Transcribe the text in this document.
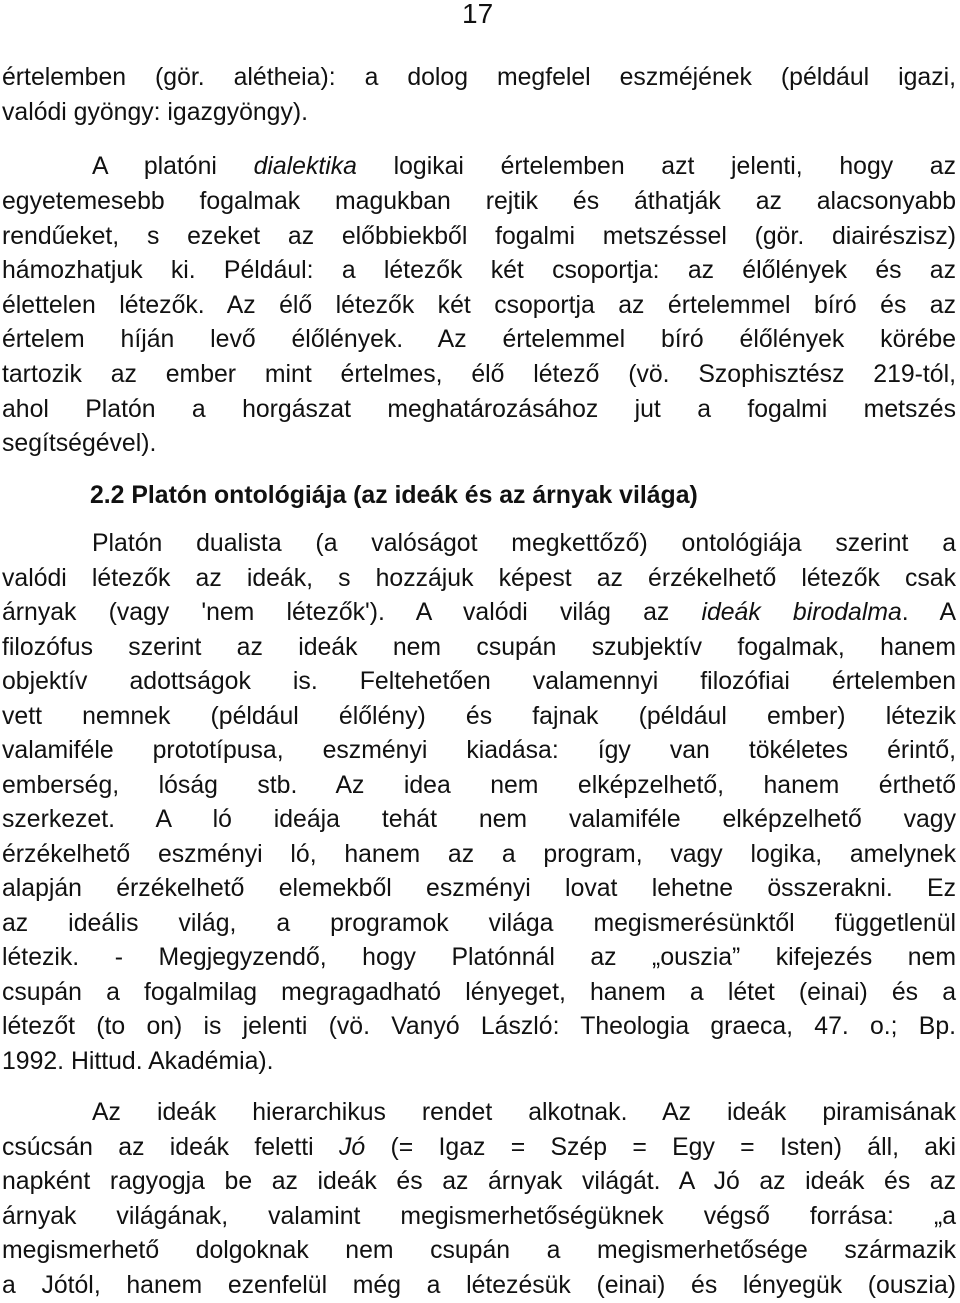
17
2.2 Platón ontológiája (az ideák és az árnyak világa)
értelemben (gör. alétheia): a dolog megfelel eszméjének (például igazi,
valódi gyöngy: igazgyöngy).
A platóni dialektika logikai értelemben azt jelenti, hogy az
egyetemesebb fogalmak magukban rejtik és áthatják az alacsonyabb
rendűeket, s ezeket az előbbiekből fogalmi metszéssel (gör. diairészisz)
hámozhatjuk ki. Például: a létezők két csoportja: az élőlények és az
élettelen létezők. Az élő létezők két csoportja az értelemmel bíró és az
értelem híján levő élőlények. Az értelemmel bíró élőlények körébe
tartozik az ember mint értelmes, élő létező (vö. Szophisztész 219-tól,
ahol Platón a horgászat meghatározásához jut a fogalmi metszés
segítségével).
Platón dualista (a valóságot megkettőző) ontológiája szerint a
valódi létezők az ideák, s hozzájuk képest az érzékelhető létezők csak
árnyak (vagy 'nem létezők'). A valódi világ az ideák birodalma. A
filozófus szerint az ideák nem csupán szubjektív fogalmak, hanem
objektív adottságok is. Feltehetően valamennyi filozófiai értelemben
vett nemnek (például élőlény) és fajnak (például ember) létezik
valamiféle prototípusa, eszményi kiadása: így van tökéletes érintő,
emberség, lóság stb. Az idea nem elképzelhető, hanem érthető
szerkezet. A ló ideája tehát nem valamiféle elképzelhető vagy
érzékelhető eszményi ló, hanem az a program, vagy logika, amelynek
alapján érzékelhető elemekből eszményi lovat lehetne összerakni. Ez
az ideális világ, a programok világa megismerésünktől függetlenül
létezik. - Megjegyzendő, hogy Platónnál az „ouszia” kifejezés nem
csupán a fogalmilag megragadható lényeget, hanem a létet (einai) és a
létezőt (to on) is jelenti (vö. Vanyó László: Theologia graeca, 47. o.; Bp.
1992. Hittud. Akadémia).
Az ideák hierarchikus rendet alkotnak. Az ideák piramisának
csúcsán az ideák feletti Jó (= Igaz = Szép = Egy = Isten) áll, aki
napként ragyogja be az ideák és az árnyak világát. A Jó az ideák és az
árnyak világának, valamint megismerhetőségüknek végső forrása: „a
megismerhető dolgoknak nem csupán a megismerhetősége származik
a Jótól, hanem ezenfelül még a létezésük (einai) és lényegük (ouszia)
